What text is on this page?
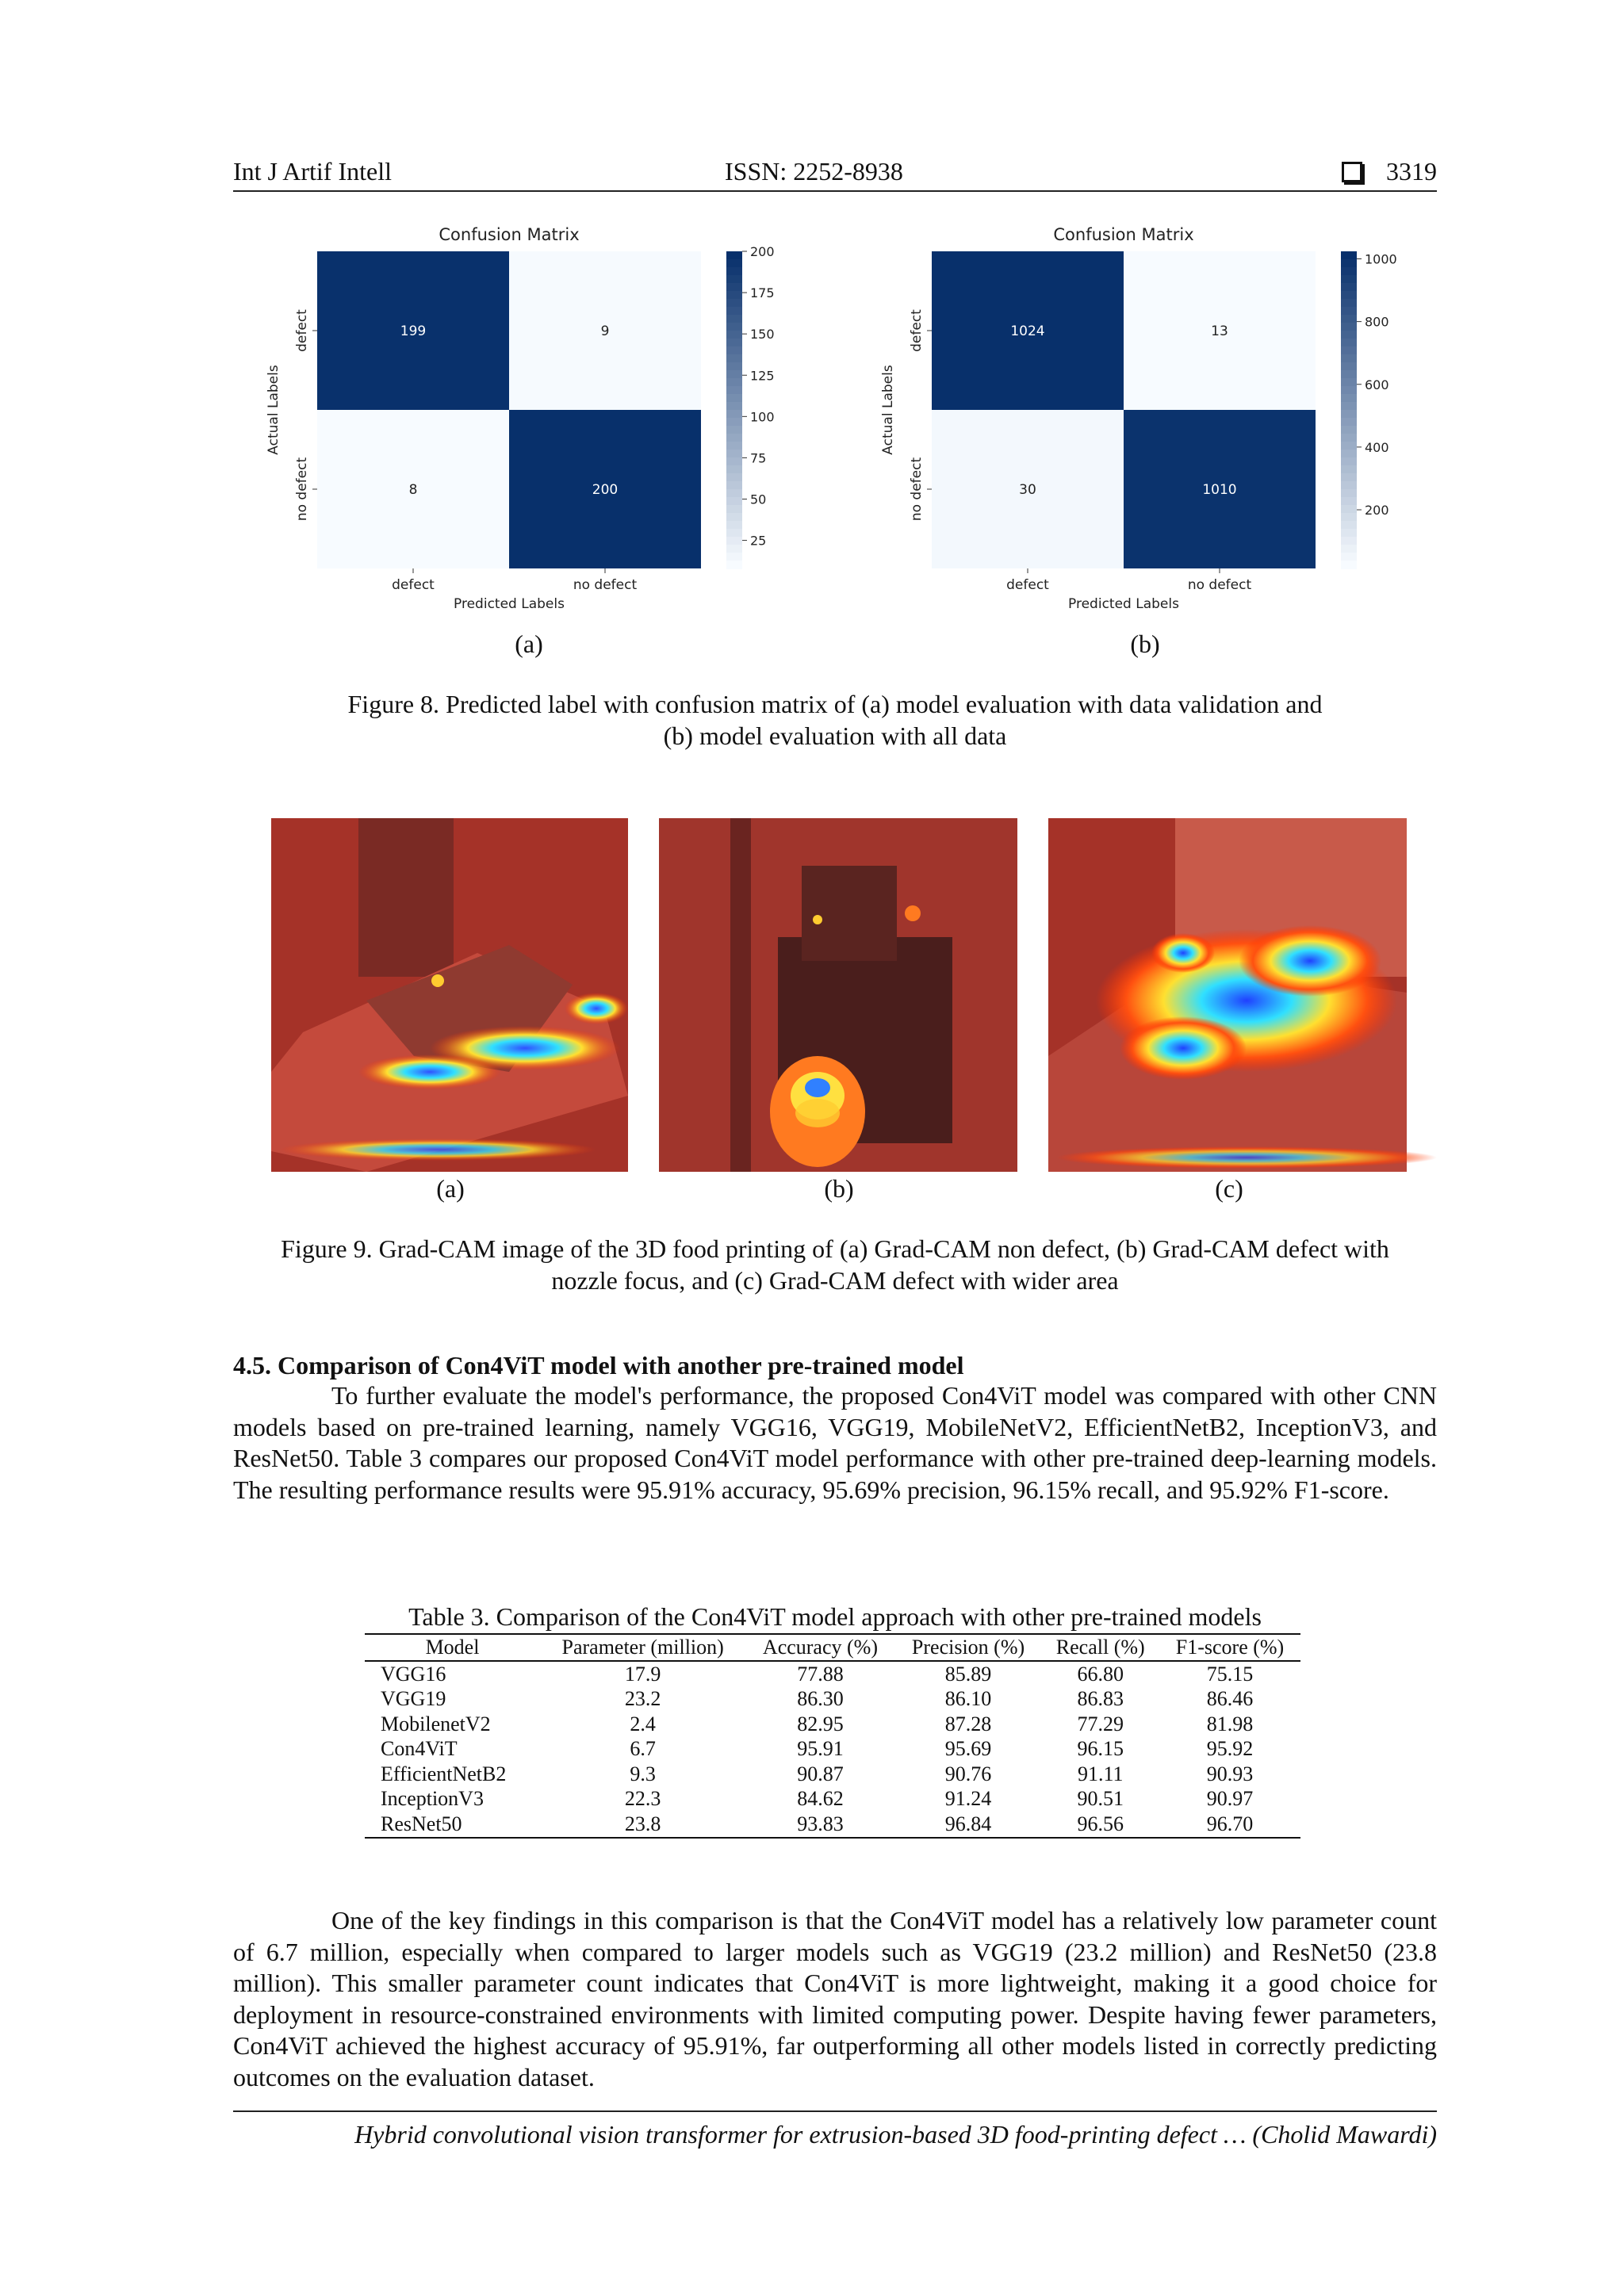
Int J Artif Intell	ISSN: 2252-8938	3319
Confusion Matrix
199	9
8	200
defect	no defect
Predicted Labels
defect
no defect
Actual Labels
200
175
150
125
100
75
50
25
Confusion Matrix
1024	13
30	1010
defect	no defect
Predicted Labels
defect
no defect
Actual Labels
1000
800
600
400
200
(a)	(b)
Figure 8. Predicted label with confusion matrix of (a) model evaluation with data validation and
(b) model evaluation with all data
(a)	(b)	(c)
Figure 9. Grad-CAM image of the 3D food printing of (a) Grad-CAM non defect, (b) Grad-CAM defect with
nozzle focus, and (c) Grad-CAM defect with wider area
4.5. Comparison of Con4ViT model with another pre-trained model
To further evaluate the model's performance, the proposed Con4ViT model was compared with other CNN models based on pre-trained learning, namely VGG16, VGG19, MobileNetV2, EfficientNetB2, InceptionV3, and ResNet50. Table 3 compares our proposed Con4ViT model performance with other pre-trained deep-learning models. The resulting performance results were 95.91% accuracy, 95.69% precision, 96.15% recall, and 95.92% F1-score.
Table 3. Comparison of the Con4ViT model approach with other pre-trained models
Model	Parameter (million)	Accuracy (%)	Precision (%)	Recall (%)	F1-score (%)
VGG16	17.9	77.88	85.89	66.80	75.15
VGG19	23.2	86.30	86.10	86.83	86.46
MobilenetV2	2.4	82.95	87.28	77.29	81.98
Con4ViT	6.7	95.91	95.69	96.15	95.92
EfficientNetB2	9.3	90.87	90.76	91.11	90.93
InceptionV3	22.3	84.62	91.24	90.51	90.97
ResNet50	23.8	93.83	96.84	96.56	96.70
One of the key findings in this comparison is that the Con4ViT model has a relatively low parameter count of 6.7 million, especially when compared to larger models such as VGG19 (23.2 million) and ResNet50 (23.8 million). This smaller parameter count indicates that Con4ViT is more lightweight, making it a good choice for deployment in resource-constrained environments with limited computing power. Despite having fewer parameters, Con4ViT achieved the highest accuracy of 95.91%, far outperforming all other models listed in correctly predicting outcomes on the evaluation dataset.
Hybrid convolutional vision transformer for extrusion-based 3D food-printing defect … (Cholid Mawardi)
